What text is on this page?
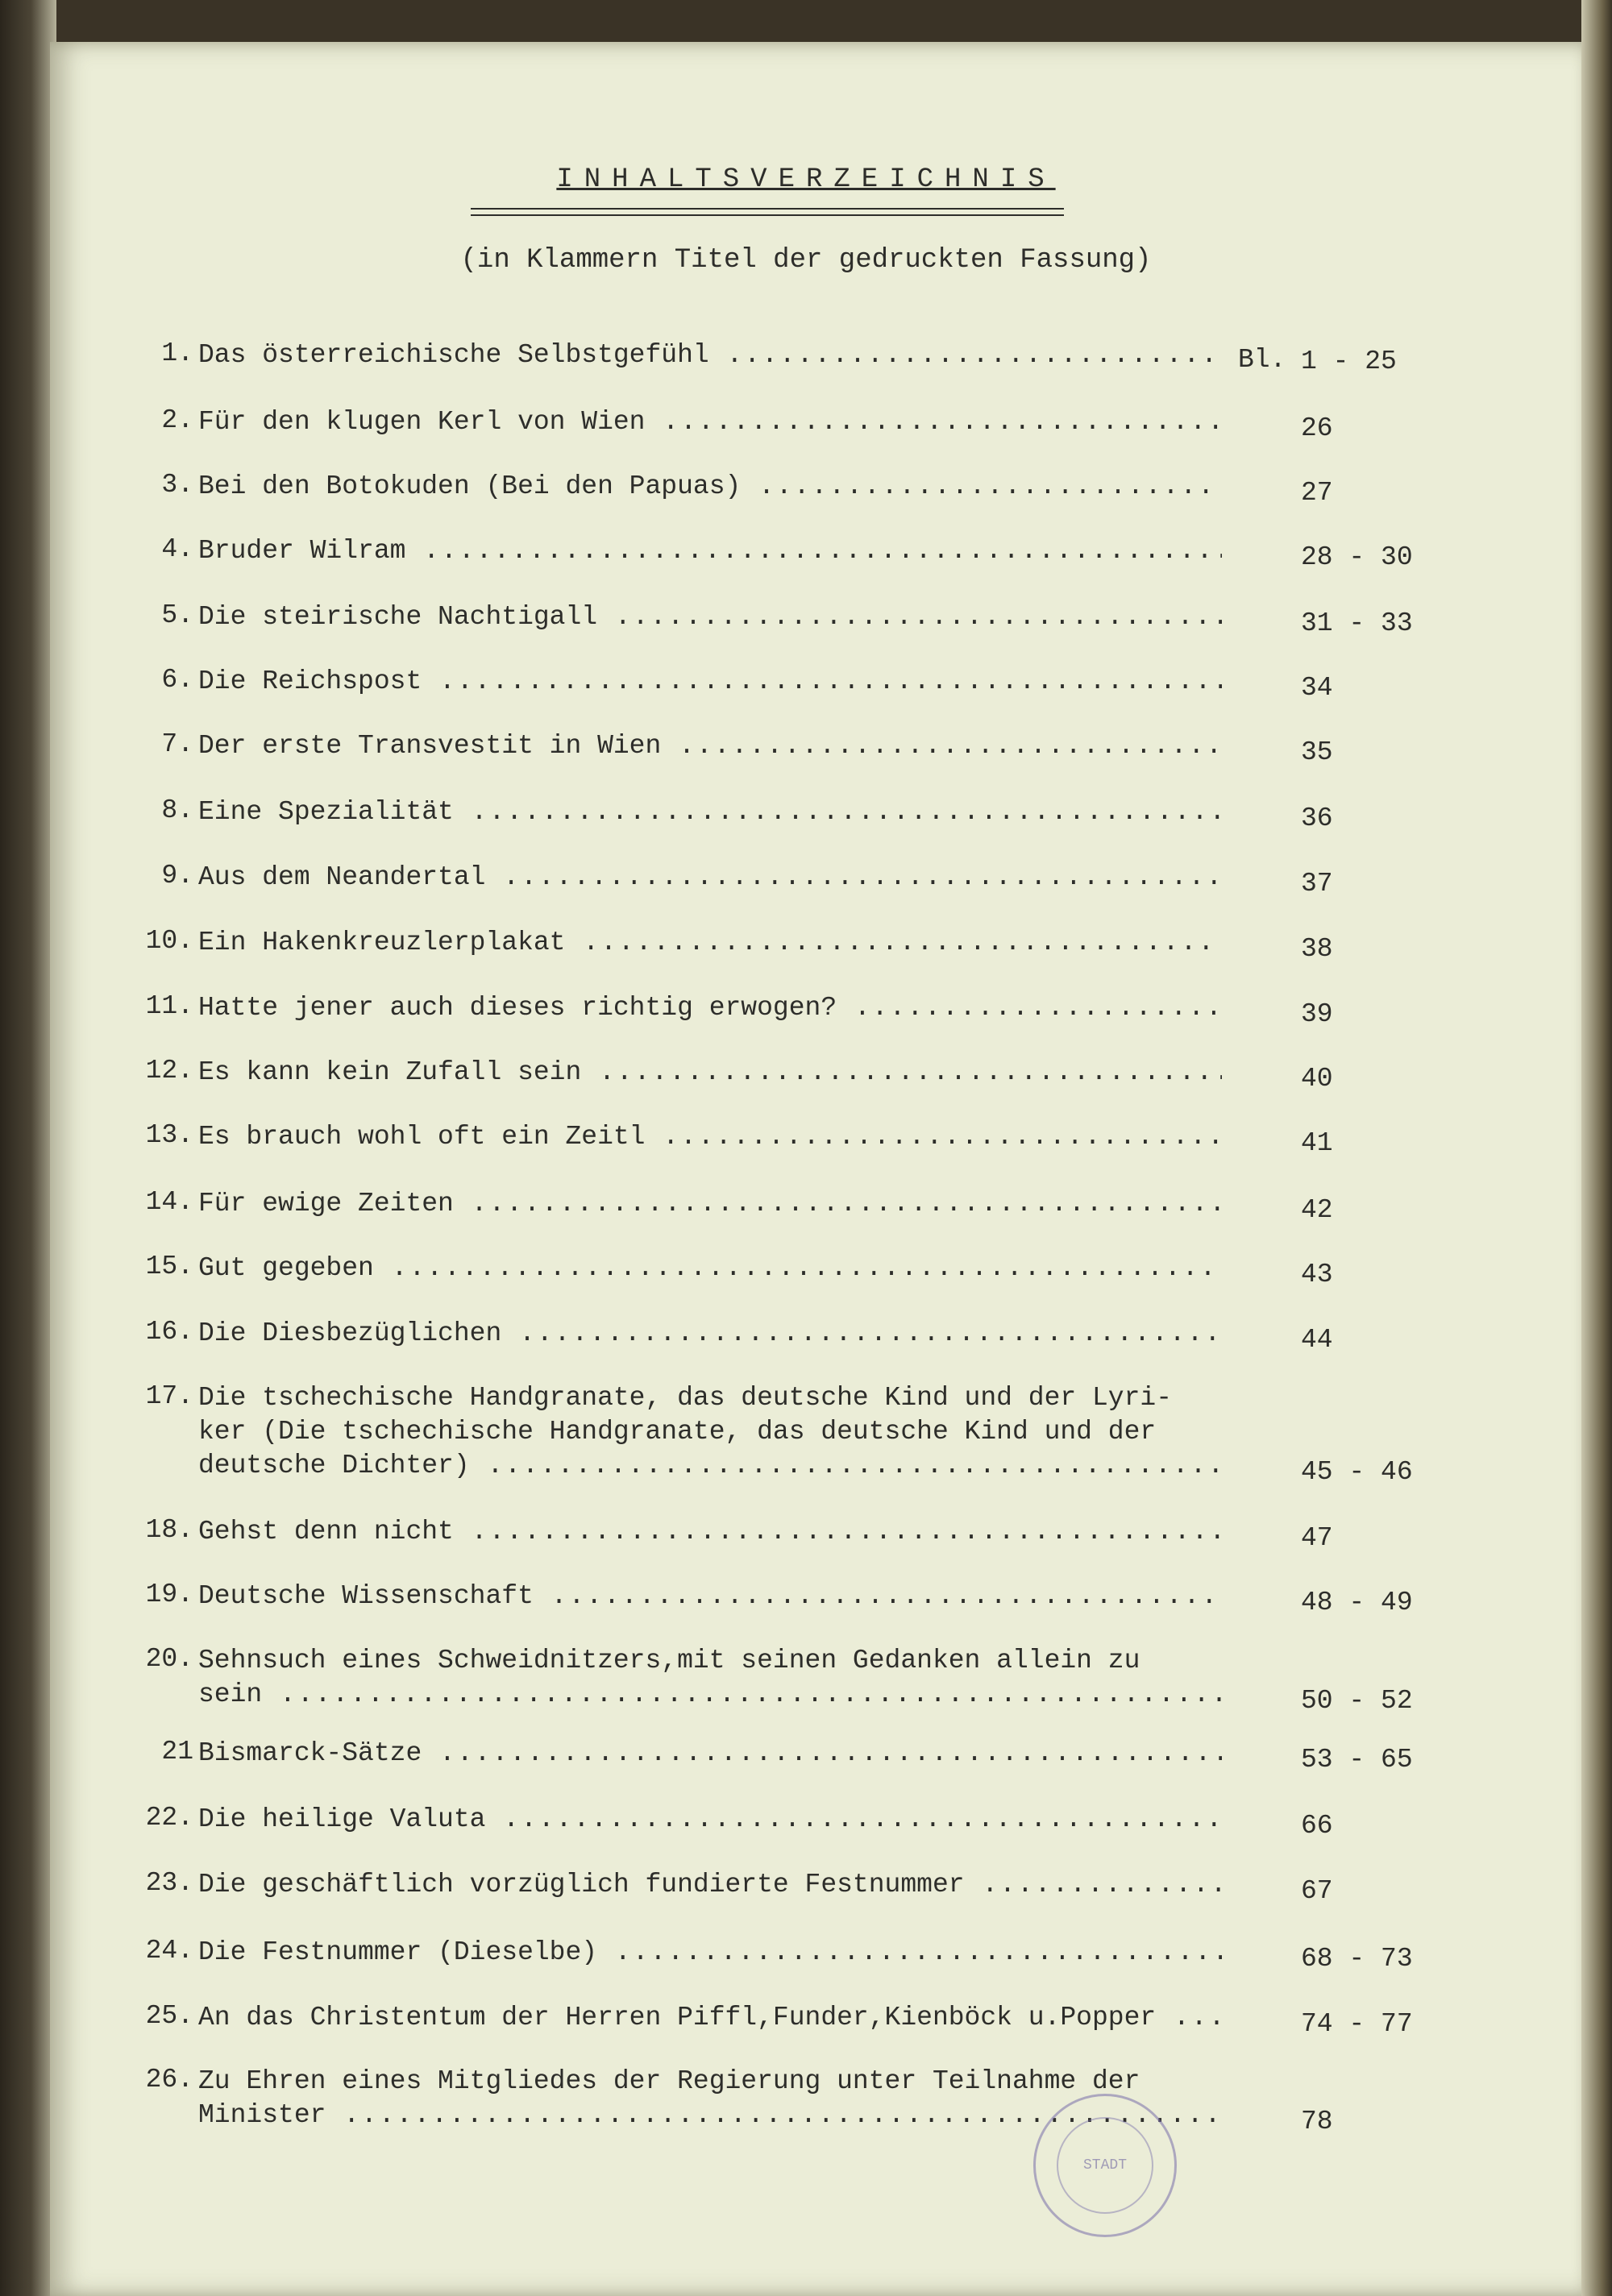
INHALTSVERZEICHNIS
(in Klammern Titel der gedruckten Fassung)
1. Das österreichische Selbstgefühl .....	Bl. 1 - 25
2. Für den klugen Kerl von Wien .....	26
3. Bei den Botokuden (Bei den Papuas) .....	27
4. Bruder Wilram .....	28 - 30
5. Die steirische Nachtigall .....	31 - 33
6. Die Reichspost .....	34
7. Der erste Transvestit in Wien .....	35
8. Eine Spezialität .....	36
9. Aus dem Neandertal .....	37
10. Ein Hakenkreuzlerplakat .....	38
11. Hatte jener auch dieses richtig erwogen? .....	39
12. Es kann kein Zufall sein .....	40
13. Es brauch wohl oft ein Zeitl .....	41
14. Für ewige Zeiten .....	42
15. Gut gegeben .....	43
16. Die Diesbezüglichen .....	44
17. Die tschechische Handgranate, das deutsche Kind und der Lyri-
ker (Die tschechische Handgranate, das deutsche Kind und der
deutsche Dichter) .....	45 - 46
18. Gehst denn nicht .....	47
19. Deutsche Wissenschaft .....	48 - 49
20. Sehnsuch eines Schweidnitzers,mit seinen Gedanken allein zu
sein .....	50 - 52
21 Bismarck-Sätze .....	53 - 65
22. Die heilige Valuta .....	66
23. Die geschäftlich vorzüglich fundierte Festnummer .....	67
24. Die Festnummer (Dieselbe) .....	68 - 73
25. An das Christentum der Herren Piffl,Funder,Kienböck u.Popper .....	74 - 77
26. Zu Ehren eines Mitgliedes der Regierung unter Teilnahme der
Minister .....	78
STADT
